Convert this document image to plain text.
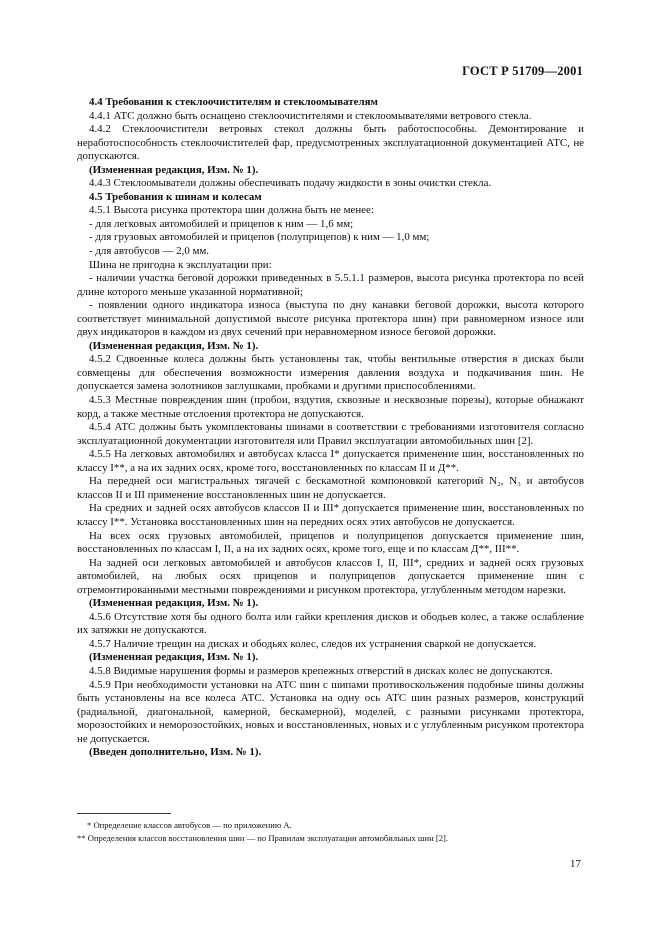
ГОСТ Р 51709—2001

4.4 Требования к стеклоочистителям и стеклоомывателям

4.4.1 АТС должно быть оснащено стеклоочистителями и стеклоомывателями ветрового стекла.

4.4.2 Стеклоочистители ветровых стекол должны быть работоспособны. Демонтирование и неработоспособность стеклоочистителей фар, предусмотренных эксплуатационной документацией АТС, не допускаются.

(Измененная редакция, Изм. № 1).

4.4.3 Стеклоомыватели должны обеспечивать подачу жидкости в зоны очистки стекла.

4.5 Требования к шинам и колесам

4.5.1 Высота рисунка протектора шин должна быть не менее:

- для легковых автомобилей и прицепов к ним — 1,6 мм;

- для грузовых автомобилей и прицепов (полуприцепов) к ним — 1,0 мм;

- для автобусов — 2,0 мм.

Шина не пригодна к эксплуатации при:

- наличии участка беговой дорожки приведенных в 5.5.1.1 размеров, высота рисунка протектора по всей длине которого меньше указанной нормативной;

- появлении одного индикатора износа (выступа по дну канавки беговой дорожки, высота которого соответствует минимальной допустимой высоте рисунка протектора шин) при равномерном износе или двух индикаторов в каждом из двух сечений при неравномерном износе беговой дорожки.

(Измененная редакция, Изм. № 1).

4.5.2 Сдвоенные колеса должны быть установлены так, чтобы вентильные отверстия в дисках были совмещены для обеспечения возможности измерения давления воздуха и подкачивания шин. Не допускается замена золотников заглушками, пробками и другими приспособлениями.

4.5.3 Местные повреждения шин (пробои, вздутия, сквозные и несквозные порезы), которые обнажают корд, а также местные отслоения протектора не допускаются.

4.5.4 АТС должны быть укомплектованы шинами в соответствии с требованиями изготовителя согласно эксплуатационной документации изготовителя или Правил эксплуатации автомобильных шин [2].

4.5.5 На легковых автомобилях и автобусах класса I* допускается применение шин, восстановленных по классу I**, а на их задних осях, кроме того, восстановленных по классам II и Д**.

На передней оси магистральных тягачей с бескамотной компоновкой категорий N₂, N₃ и автобусов классов II и III применение восстановленных шин не допускается.

На средних и задней осях автобусов классов II и III* допускается применение шин, восстановленных по классу I**. Установка восстановленных шин на передних осях этих автобусов не допускается.

На всех осях грузовых автомобилей, прицепов и полуприцепов допускается применение шин, восстановленных по классам I, II, а на их задних осях, кроме того, еще и по классам Д**, III**.

На задней оси легковых автомобилей и автобусов классов I, II, III*, средних и задней осях грузовых автомобилей, на любых осях прицепов и полуприцепов допускается применение шин с отремонтированными местными повреждениями и рисунком протектора, углубленным методом нарезки.

(Измененная редакция, Изм. № 1).

4.5.6 Отсутствие хотя бы одного болта или гайки крепления дисков и ободьев колес, а также ослабление их затяжки не допускаются.

4.5.7 Наличие трещин на дисках и ободьях колес, следов их устранения сваркой не допускается.

(Измененная редакция, Изм. № 1).

4.5.8 Видимые нарушения формы и размеров крепежных отверстий в дисках колес не допускаются.

4.5.9 При необходимости установки на АТС шин с шипами противоскольжения подобные шины должны быть установлены на все колеса АТС. Установка на одну ось АТС шин разных размеров, конструкций (радиальной, диагональной, камерной, бескамерной), моделей, с разными рисунками протектора, морозостойких и неморозостойких, новых и восстановленных, новых и с углубленным рисунком протектора не допускается.

(Введен дополнительно, Изм. № 1).

* Определение классов автобусов — по приложению А.

** Определения классов восстановления шин — по Правилам эксплуатации автомобильных шин [2].

17
